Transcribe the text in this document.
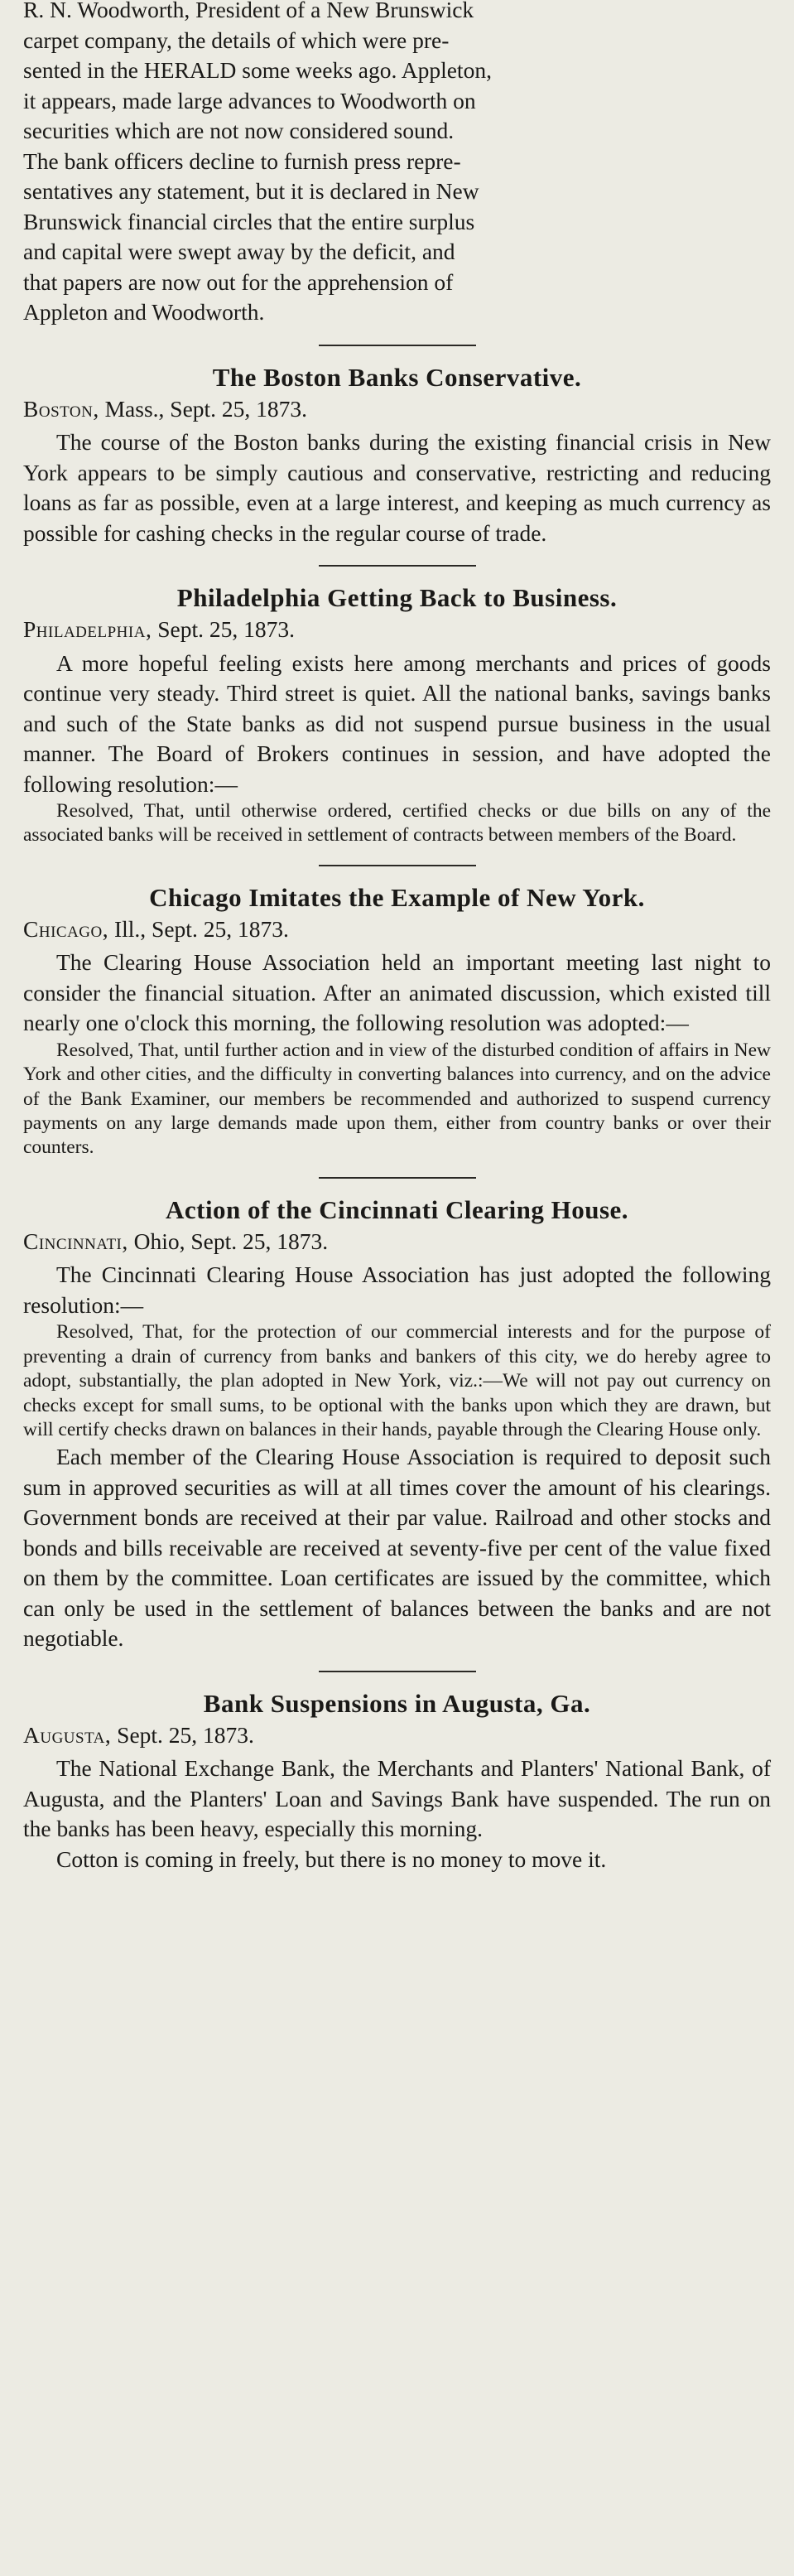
R. N. Woodworth, President of a New Brunswick

carpet company, the details of which were pre-

sented in the HERALD some weeks ago. Appleton,

it appears, made large advances to Woodworth on

securities which are not now considered sound.

The bank officers decline to furnish press repre-

sentatives any statement, but it is declared in New

Brunswick financial circles that the entire surplus

and capital were swept away by the deficit, and

that papers are now out for the apprehension of

Appleton and Woodworth.

The Boston Banks Conservative.

Boston, Mass., Sept. 25, 1873.

The course of the Boston banks during the existing financial crisis in New York appears to be simply cautious and conservative, restricting and reducing loans as far as possible, even at a large interest, and keeping as much currency as possible for cashing checks in the regular course of trade.

Philadelphia Getting Back to Business.

Philadelphia, Sept. 25, 1873.

A more hopeful feeling exists here among merchants and prices of goods continue very steady. Third street is quiet. All the national banks, savings banks and such of the State banks as did not suspend pursue business in the usual manner. The Board of Brokers continues in session, and have adopted the following resolution:—

Resolved, That, until otherwise ordered, certified checks or due bills on any of the associated banks will be received in settlement of contracts between members of the Board.

Chicago Imitates the Example of New York.

Chicago, Ill., Sept. 25, 1873.

The Clearing House Association held an important meeting last night to consider the financial situation. After an animated discussion, which existed till nearly one o'clock this morning, the following resolution was adopted:—

Resolved, That, until further action and in view of the disturbed condition of affairs in New York and other cities, and the difficulty in converting balances into currency, and on the advice of the Bank Examiner, our members be recommended and authorized to suspend currency payments on any large demands made upon them, either from country banks or over their counters.

Action of the Cincinnati Clearing House.

Cincinnati, Ohio, Sept. 25, 1873.

The Cincinnati Clearing House Association has just adopted the following resolution:—

Resolved, That, for the protection of our commercial interests and for the purpose of preventing a drain of currency from banks and bankers of this city, we do hereby agree to adopt, substantially, the plan adopted in New York, viz.:—We will not pay out currency on checks except for small sums, to be optional with the banks upon which they are drawn, but will certify checks drawn on balances in their hands, payable through the Clearing House only.

Each member of the Clearing House Association is required to deposit such sum in approved securities as will at all times cover the amount of his clearings. Government bonds are received at their par value. Railroad and other stocks and bonds and bills receivable are received at seventy-five per cent of the value fixed on them by the committee. Loan certificates are issued by the committee, which can only be used in the settlement of balances between the banks and are not negotiable.

Bank Suspensions in Augusta, Ga.

Augusta, Sept. 25, 1873.

The National Exchange Bank, the Merchants and Planters' National Bank, of Augusta, and the Planters' Loan and Savings Bank have suspended. The run on the banks has been heavy, especially this morning.

Cotton is coming in freely, but there is no money to move it.
